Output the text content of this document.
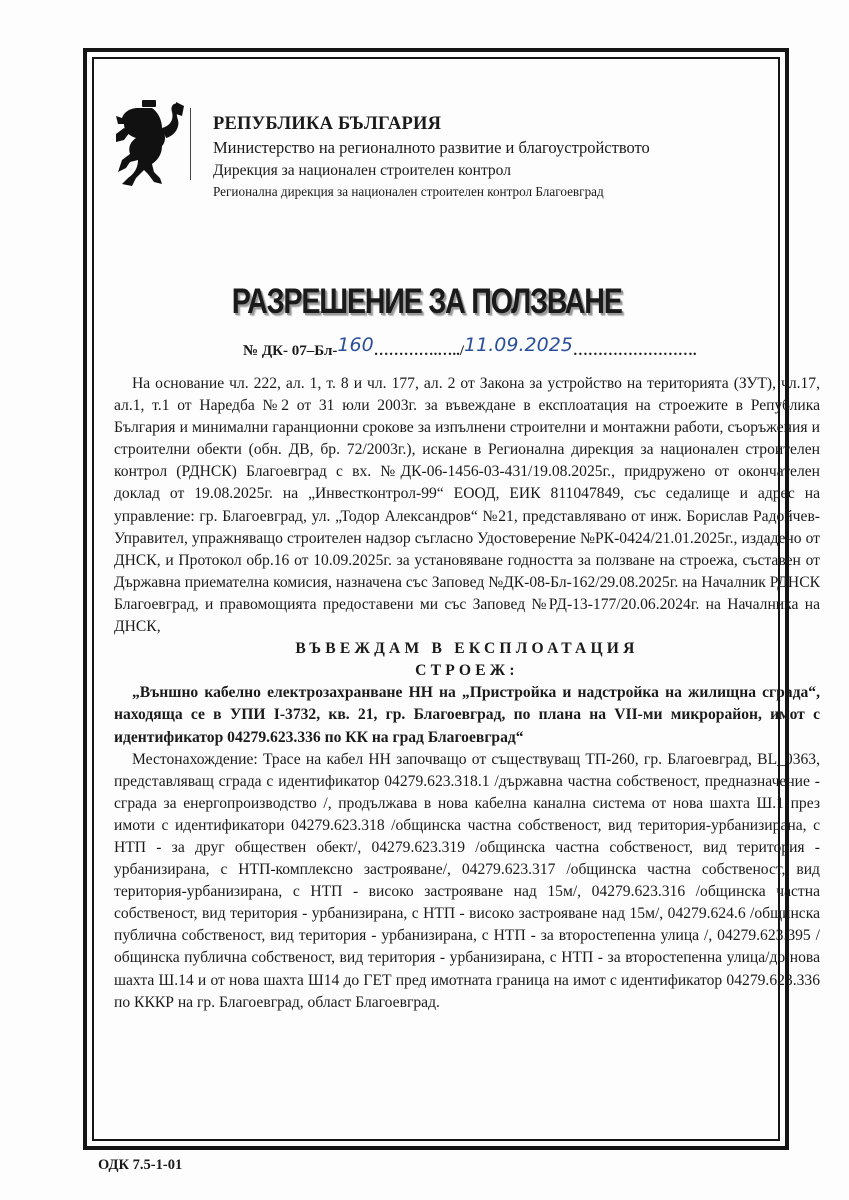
РЕПУБЛИКА БЪЛГАРИЯ
Министерство на регионалното развитие и благоустройството
Дирекция за национален строителен контрол
Регионална дирекция за национален строителен контрол Благоевград
РАЗРЕШЕНИЕ ЗА ПОЛЗВАНЕ
№ ДК- 07–Бл-160………….…../11.09.2025…………………….

На основание чл. 222, ал. 1, т. 8 и чл. 177, ал. 2 от Закона за устройство на територията (ЗУТ), чл.17, ал.1, т.1 от Наредба №2 от 31 юли 2003г. за въвеждане в експлоатация на строежите в Република България и минимални гаранционни срокове за изпълнени строителни и монтажни работи, съоръжения и строителни обекти (обн. ДВ, бр. 72/2003г.), искане в Регионална дирекция за национален строителен контрол (РДНСК) Благоевград с вх. №ДК-06-1456-03-431/19.08.2025г., придружено от окончателен доклад от 19.08.2025г. на „Инвестконтрол-99“ ЕООД, ЕИК 811047849, със седалище и адрес на управление: гр. Благоевград, ул. „Тодор Александров“ №21, представлявано от инж. Борислав Радойчев-Управител, упражняващо строителен надзор съгласно Удостоверение №РК-0424/21.01.2025г., издадено от ДНСК, и Протокол обр.16 от 10.09.2025г. за установяване годността за ползване на строежа, съставен от Държавна приемателна комисия, назначена със Заповед №ДК-08-Бл-162/29.08.2025г. на Началник РДНСК Благоевград, и правомощията предоставени ми със Заповед №РД-13-177/20.06.2024г. на Началника на ДНСК,

ВЪВЕЖДАМ В ЕКСПЛОАТАЦИЯ

СТРОЕЖ:

„Външно кабелно електрозахранване НН на „Пристройка и надстройка на жилищна сграда“, находяща се в УПИ I-3732, кв. 21, гр. Благоевград, по плана на VII-ми микрорайон, имот с идентификатор 04279.623.336 по КК на град Благоевград“

Местонахождение: Трасе на кабел НН започващо от съществуващ ТП-260, гр. Благоевград, BL_0363, представляващ сграда с идентификатор 04279.623.318.1 /държавна частна собственост, предназначение - сграда за енергопроизводство /, продължава в нова кабелна канална система от нова шахта Ш.1 през имоти с идентификатори 04279.623.318 /общинска частна собственост, вид територия-урбанизирана, с НТП - за друг обществен обект/, 04279.623.319 /общинска частна собственост, вид територия - урбанизирана, с НТП-комплексно застрояване/, 04279.623.317 /общинска частна собственост, вид територия-урбанизирана, с НТП - високо застрояване над 15м/, 04279.623.316 /общинска частна собственост, вид територия - урбанизирана, с НТП - високо застрояване над 15м/, 04279.624.6 /общинска публична собственост, вид територия - урбанизирана, с НТП - за второстепенна улица /, 04279.623.395 /общинска публична собственост, вид територия - урбанизирана, с НТП - за второстепенна улица/до нова шахта Ш.14 и от нова шахта Ш14 до ГЕТ пред имотната граница на имот с идентификатор 04279.623.336 по КККР на гр. Благоевград, област Благоевград.

ОДК 7.5-1-01
